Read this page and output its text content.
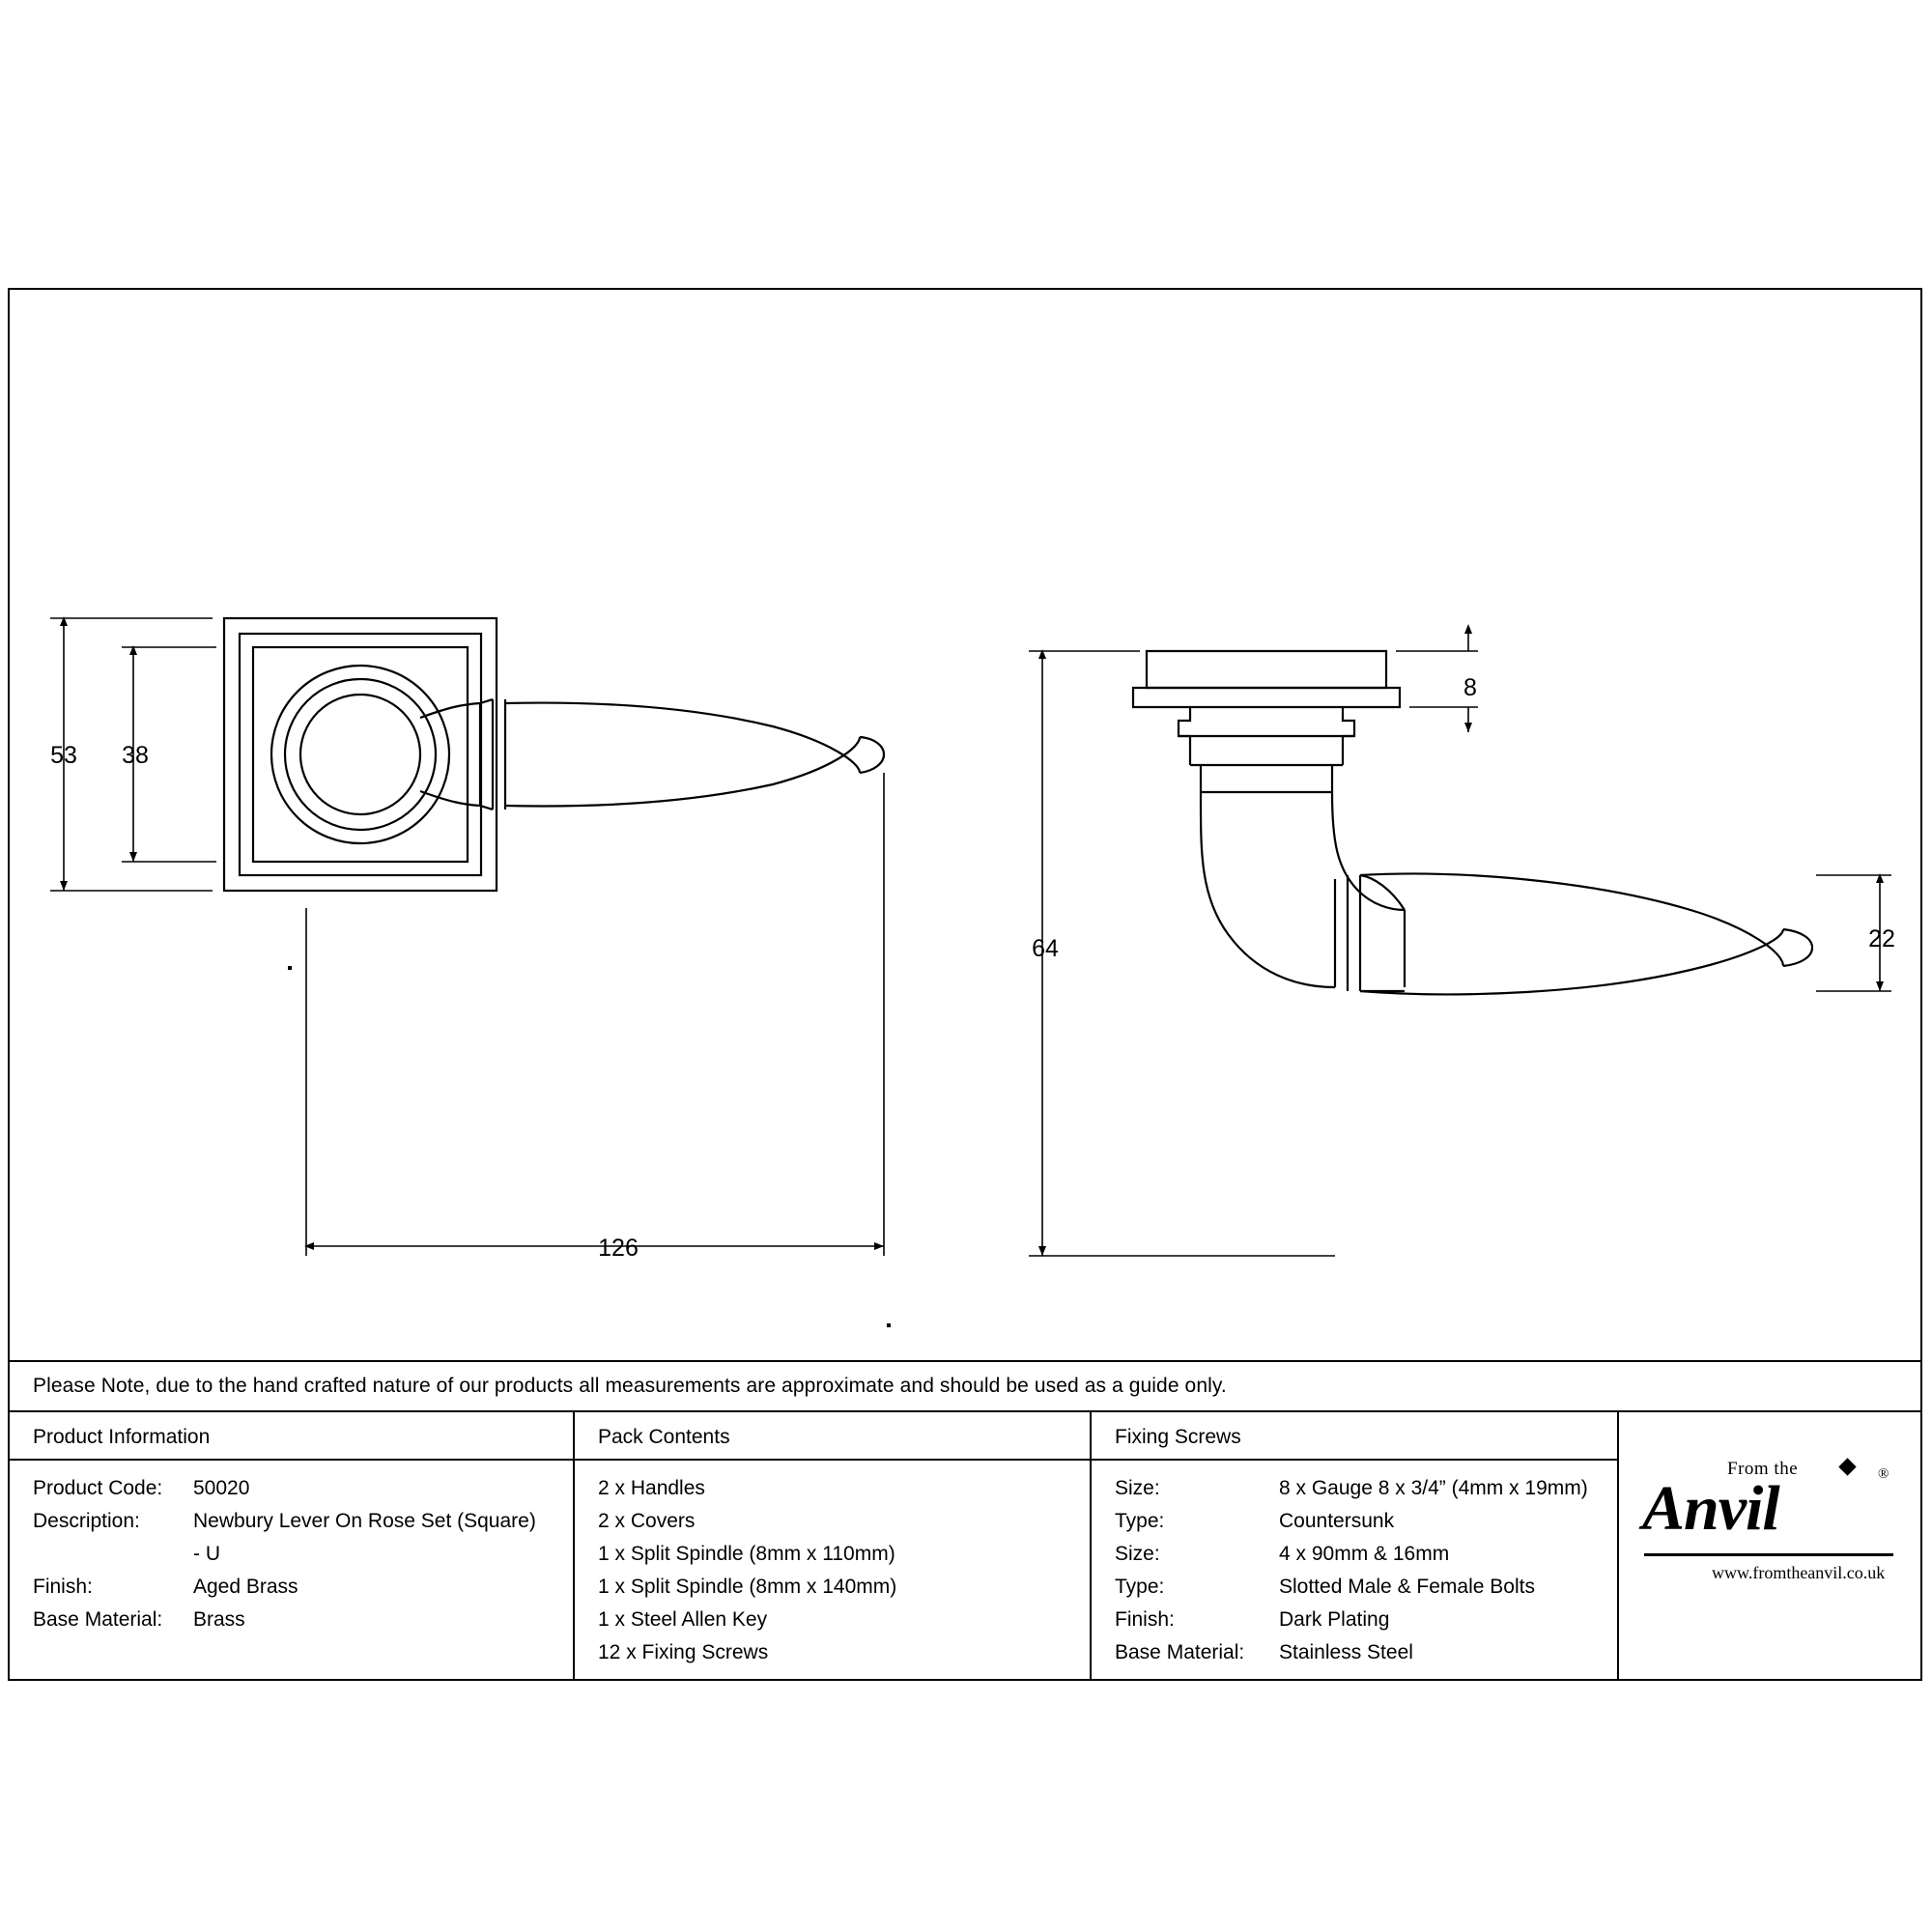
53 38
126
8
64	22
Please Note, due to the hand crafted nature of our products all measurements are approximate and should be used as a guide only.
Product Information
Product Code:	50020
Description:	Newbury Lever On Rose Set (Square)
- U
Finish:	Aged Brass
Base Material:	Brass
Pack Contents
2 x Handles
2 x Covers
1 x Split Spindle (8mm x 110mm)
1 x Split Spindle (8mm x 140mm)
1 x Steel Allen Key
12 x Fixing Screws
Fixing Screws
Size:	8 x Gauge 8 x 3/4” (4mm x 19mm)
Type:	Countersunk
Size:	4 x 90mm & 16mm
Type:	Slotted Male & Female Bolts
Finish:	Dark Plating
Base Material:	Stainless Steel
From the	®
Anvil
www.fromtheanvil.co.uk
